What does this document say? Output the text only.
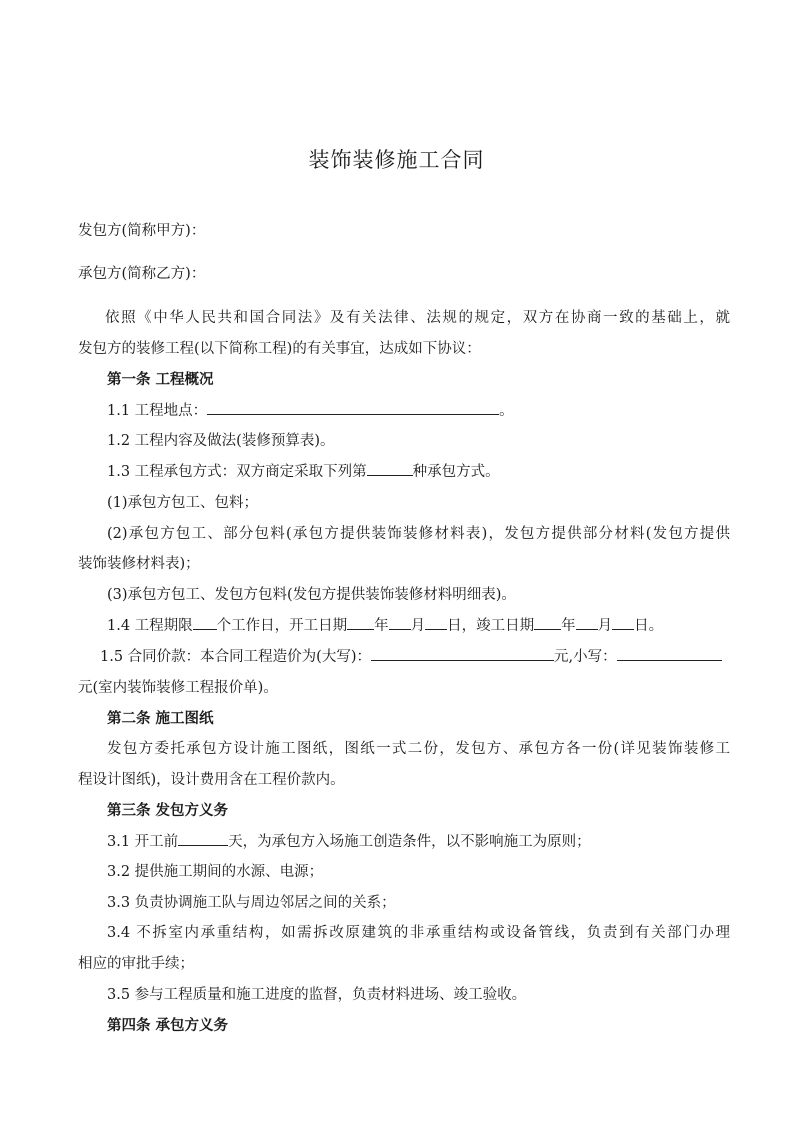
装饰装修施工合同
发包方(简称甲方)：
承包方(简称乙方)：
依照《中华人民共和国合同法》及有关法律、法规的规定，双方在协商一致的基础上，就
发包方的装修工程(以下简称工程)的有关事宜，达成如下协议：
第一条 工程概况
1.1 工程地点：	。
1.2 工程内容及做法(装修预算表)。
1.3 工程承包方式：双方商定采取下列第	种承包方式。
(1)承包方包工、包料；
(2)承包方包工、部分包料(承包方提供装饰装修材料表)，发包方提供部分材料(发包方提供
装饰装修材料表)；
(3)承包方包工、发包方包料(发包方提供装饰装修材料明细表)。
1.4 工程期限 个工作日，开工日期 年 月 日，竣工日期 年 月 日。
1.5 合同价款：本合同工程造价为(大写)：	元,小写：
元(室内装饰装修工程报价单)。
第二条 施工图纸
发包方委托承包方设计施工图纸，图纸一式二份，发包方、承包方各一份(详见装饰装修工
程设计图纸)，设计费用含在工程价款内。
第三条 发包方义务
3.1 开工前	天，为承包方入场施工创造条件，以不影响施工为原则；
3.2 提供施工期间的水源、电源；
3.3 负责协调施工队与周边邻居之间的关系；
3.4 不拆室内承重结构，如需拆改原建筑的非承重结构或设备管线，负责到有关部门办理
相应的审批手续；
3.5 参与工程质量和施工进度的监督，负责材料进场、竣工验收。
第四条 承包方义务
